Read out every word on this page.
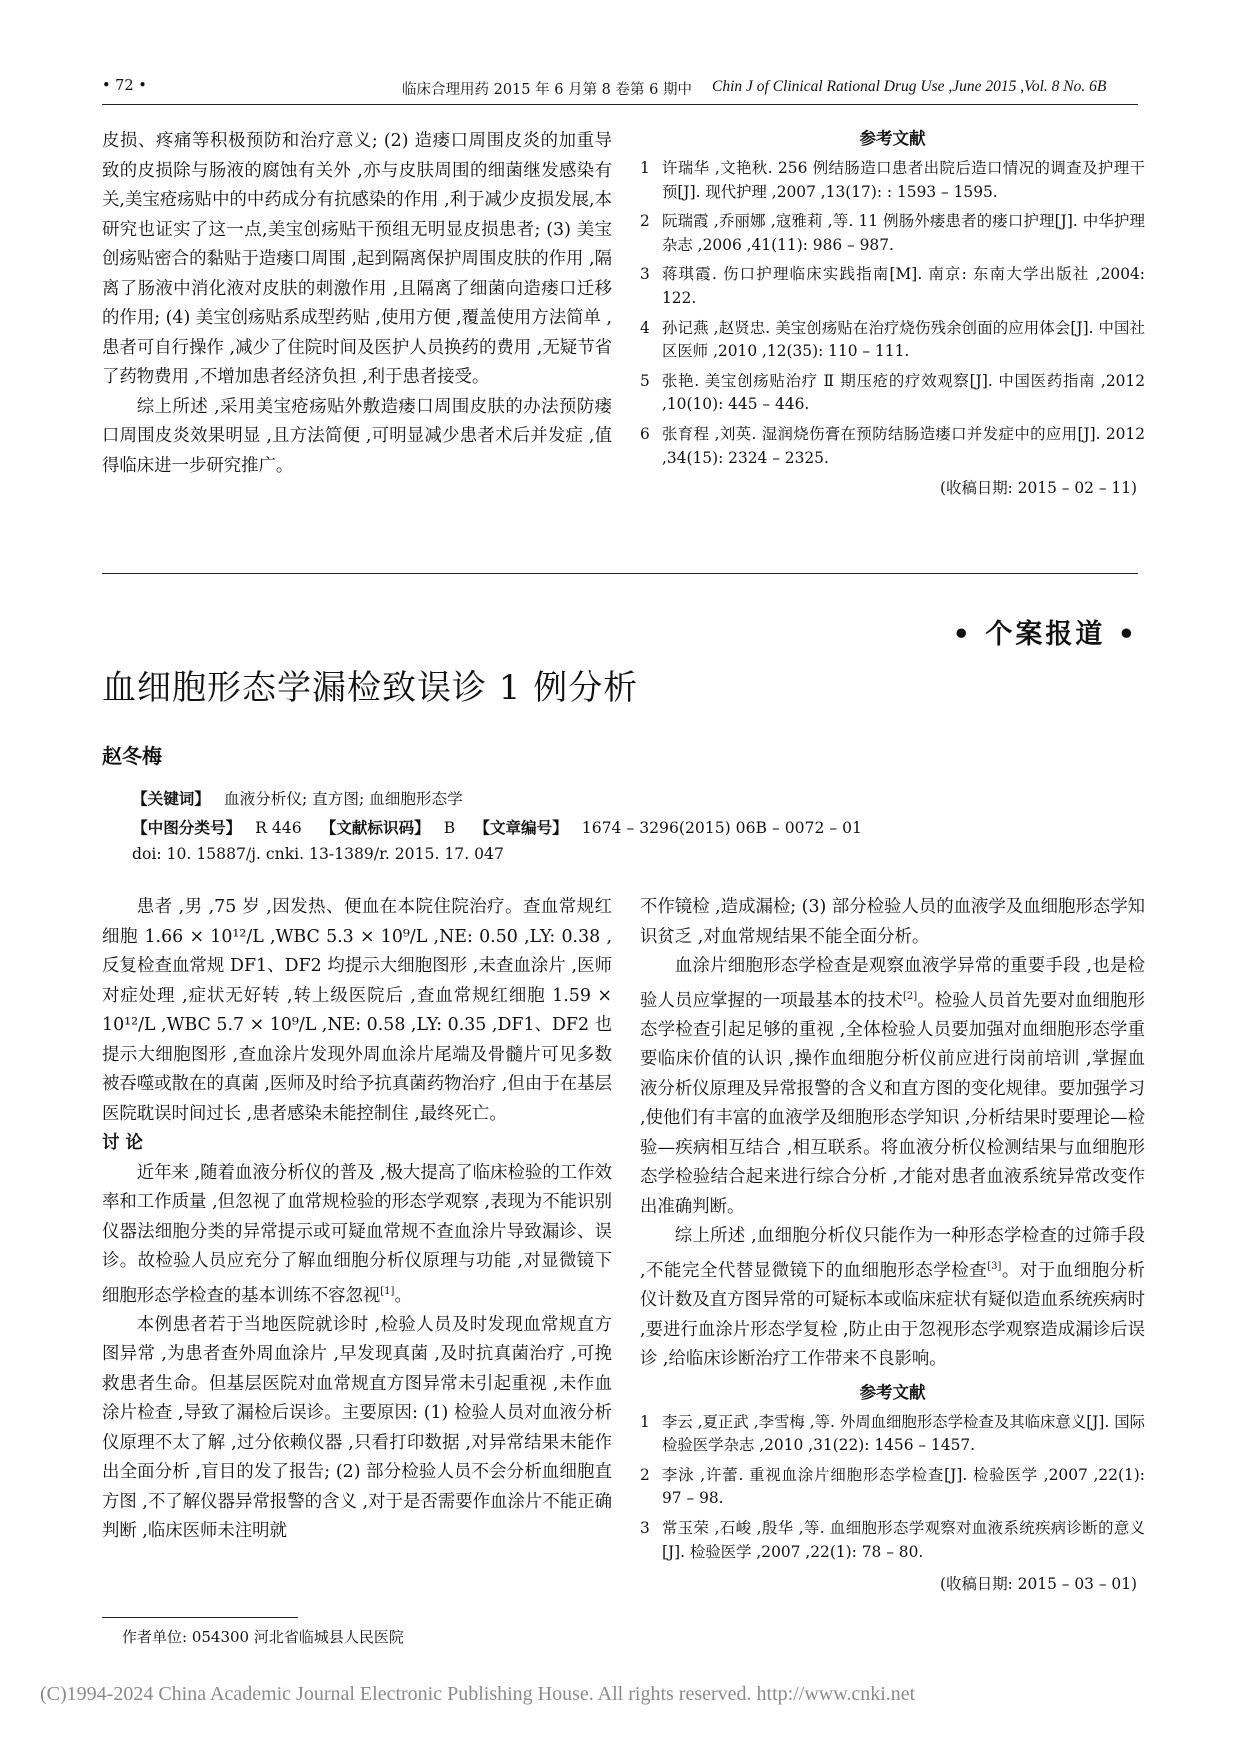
• 72 •	临床合理用药 2015 年 6 月第 8 卷第 6 期中 Chin J of Clinical Rational Drug Use ,June 2015 ,Vol. 8 No. 6B

皮损、疼痛等积极预防和治疗意义; (2) 造瘘口周围皮炎的加重导致的皮损除与肠液的腐蚀有关外 ,亦与皮肤周围的细菌继发感染有关,美宝疮疡贴中的中药成分有抗感染的作用 ,利于减少皮损发展,本研究也证实了这一点,美宝创疡贴干预组无明显皮损患者; (3) 美宝创疡贴密合的黏贴于造瘘口周围 ,起到隔离保护周围皮肤的作用 ,隔离了肠液中消化液对皮肤的刺激作用 ,且隔离了细菌向造瘘口迁移的作用; (4) 美宝创疡贴系成型药贴 ,使用方便 ,覆盖使用方法简单 ,患者可自行操作 ,减少了住院时间及医护人员换药的费用 ,无疑节省了药物费用 ,不增加患者经济负担 ,利于患者接受。

综上所述 ,采用美宝疮疡贴外敷造瘘口周围皮肤的办法预防瘘口周围皮炎效果明显 ,且方法简便 ,可明显减少患者术后并发症 ,值得临床进一步研究推广。

参考文献
1 许瑞华 ,文艳秋. 256 例结肠造口患者出院后造口情况的调查及护理干预[J]. 现代护理 ,2007 ,13(17): : 1593 – 1595.
2 阮瑞霞 ,乔丽娜 ,寇雅莉 ,等. 11 例肠外瘘患者的瘘口护理[J]. 中华护理杂志 ,2006 ,41(11): 986 – 987.
3 蒋琪霞. 伤口护理临床实践指南[M]. 南京: 东南大学出版社 ,2004: 122.
4 孙记燕 ,赵贤忠. 美宝创疡贴在治疗烧伤残余创面的应用体会[J]. 中国社区医师 ,2010 ,12(35): 110 – 111.
5 张艳. 美宝创疡贴治疗 Ⅱ 期压疮的疗效观察[J]. 中国医药指南 ,2012 ,10(10): 445 – 446.
6 张育程 ,刘英. 湿润烧伤膏在预防结肠造瘘口并发症中的应用[J]. 2012 ,34(15): 2324 – 2325.
(收稿日期: 2015 – 02 – 11)
• 个案报道 •
血细胞形态学漏检致误诊 1 例分析
赵冬梅
【关键词】 血液分析仪; 直方图; 血细胞形态学
【中图分类号】 R 446 【文献标识码】 B 【文章编号】 1674 – 3296(2015) 06B – 0072 – 01
doi: 10. 15887/j. cnki. 13-1389/r. 2015. 17. 047

患者 ,男 ,75 岁 ,因发热、便血在本院住院治疗。查血常规红细胞 1.66 × 10¹²/L ,WBC 5.3 × 10⁹/L ,NE: 0.50 ,LY: 0.38 ,反复检查血常规 DF1、DF2 均提示大细胞图形 ,未查血涂片 ,医师对症处理 ,症状无好转 ,转上级医院后 ,查血常规红细胞 1.59 × 10¹²/L ,WBC 5.7 × 10⁹/L ,NE: 0.58 ,LY: 0.35 ,DF1、DF2 也提示大细胞图形 ,查血涂片发现外周血涂片尾端及骨髓片可见多数被吞噬或散在的真菌 ,医师及时给予抗真菌药物治疗 ,但由于在基层医院耽误时间过长 ,患者感染未能控制住 ,最终死亡。

讨 论

近年来 ,随着血液分析仪的普及 ,极大提高了临床检验的工作效率和工作质量 ,但忽视了血常规检验的形态学观察 ,表现为不能识别仪器法细胞分类的异常提示或可疑血常规不查血涂片导致漏诊、误诊。故检验人员应充分了解血细胞分析仪原理与功能 ,对显微镜下细胞形态学检查的基本训练不容忽视[1]。

本例患者若于当地医院就诊时 ,检验人员及时发现血常规直方图异常 ,为患者查外周血涂片 ,早发现真菌 ,及时抗真菌治疗 ,可挽救患者生命。但基层医院对血常规直方图异常未引起重视 ,未作血涂片检查 ,导致了漏检后误诊。主要原因: (1) 检验人员对血液分析仪原理不太了解 ,过分依赖仪器 ,只看打印数据 ,对异常结果未能作出全面分析 ,盲目的发了报告; (2) 部分检验人员不会分析血细胞直方图 ,不了解仪器异常报警的含义 ,对于是否需要作血涂片不能正确判断 ,临床医师未注明就

不作镜检 ,造成漏检; (3) 部分检验人员的血液学及血细胞形态学知识贫乏 ,对血常规结果不能全面分析。

血涂片细胞形态学检查是观察血液学异常的重要手段 ,也是检验人员应掌握的一项最基本的技术[2]。检验人员首先要对血细胞形态学检查引起足够的重视 ,全体检验人员要加强对血细胞形态学重要临床价值的认识 ,操作血细胞分析仪前应进行岗前培训 ,掌握血液分析仪原理及异常报警的含义和直方图的变化规律。要加强学习 ,使他们有丰富的血液学及细胞形态学知识 ,分析结果时要理论—检验—疾病相互结合 ,相互联系。将血液分析仪检测结果与血细胞形态学检验结合起来进行综合分析 ,才能对患者血液系统异常改变作出准确判断。

综上所述 ,血细胞分析仪只能作为一种形态学检查的过筛手段 ,不能完全代替显微镜下的血细胞形态学检查[3]。对于血细胞分析仪计数及直方图异常的可疑标本或临床症状有疑似造血系统疾病时 ,要进行血涂片形态学复检 ,防止由于忽视形态学观察造成漏诊后误诊 ,给临床诊断治疗工作带来不良影响。

参考文献
1 李云 ,夏正武 ,李雪梅 ,等. 外周血细胞形态学检查及其临床意义[J]. 国际检验医学杂志 ,2010 ,31(22): 1456 – 1457.
2 李泳 ,许蕾. 重视血涂片细胞形态学检查[J]. 检验医学 ,2007 ,22(1): 97 – 98.
3 常玉荣 ,石峻 ,殷华 ,等. 血细胞形态学观察对血液系统疾病诊断的意义[J]. 检验医学 ,2007 ,22(1): 78 – 80.
(收稿日期: 2015 – 03 – 01)
作者单位: 054300 河北省临城县人民医院
(C)1994-2024 China Academic Journal Electronic Publishing House. All rights reserved. http://www.cnki.net
